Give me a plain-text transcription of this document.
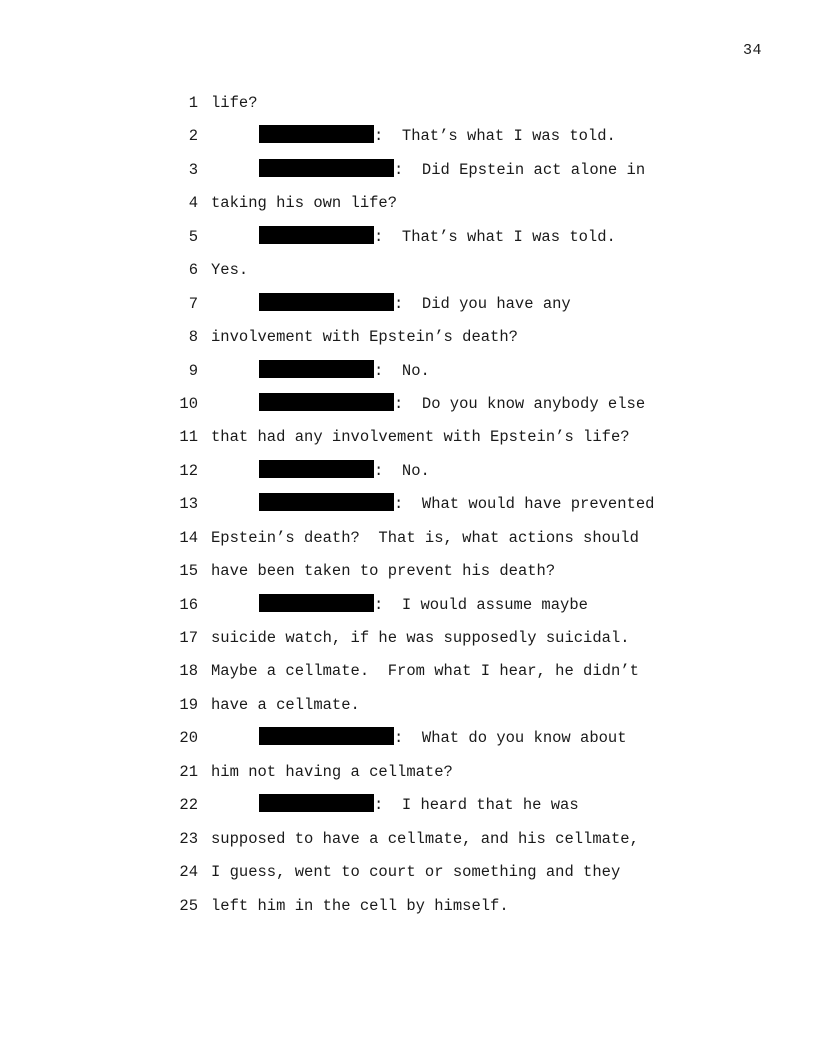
34
1 life?
2	:  That’s what I was told.
3	:  Did Epstein act alone in
4 taking his own life?
5	:  That’s what I was told.
6 Yes.
7	:  Did you have any
8 involvement with Epstein’s death?
9	:  No.
10	:  Do you know anybody else
11 that had any involvement with Epstein’s life?
12	:  No.
13	:  What would have prevented
14 Epstein’s death?  That is, what actions should
15 have been taken to prevent his death?
16	:  I would assume maybe
17 suicide watch, if he was supposedly suicidal.
18 Maybe a cellmate.  From what I hear, he didn’t
19 have a cellmate.
20	:  What do you know about
21 him not having a cellmate?
22	:  I heard that he was
23 supposed to have a cellmate, and his cellmate,
24 I guess, went to court or something and they
25 left him in the cell by himself.
